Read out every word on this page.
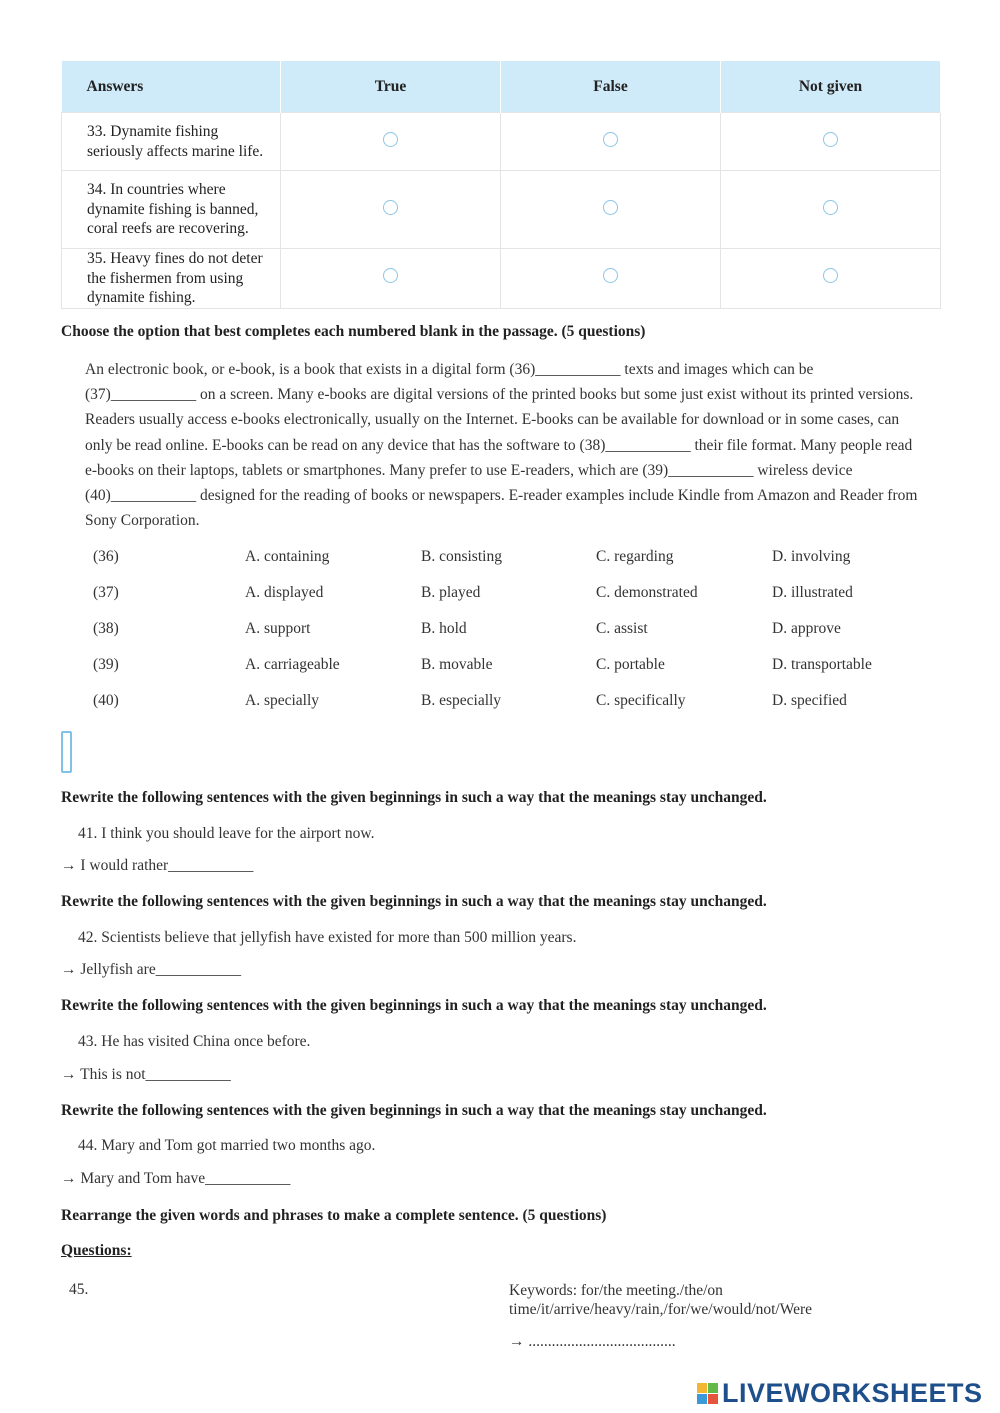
Answers	True	False	Not given
33. Dynamite fishing seriously affects marine life.			
34. In countries where dynamite fishing is banned, coral reefs are recovering.			
35. Heavy fines do not deter the fishermen from using dynamite fishing.			
Choose the option that best completes each numbered blank in the passage. (5 questions)
An electronic book, or e-book, is a book that exists in a digital form (36)___________ texts and images which can be (37)___________ on a screen. Many e-books are digital versions of the printed books but some just exist without its printed versions. Readers usually access e-books electronically, usually on the Internet. E-books can be available for download or in some cases, can only be read online. E-books can be read on any device that has the software to (38)___________ their file format. Many people read e-books on their laptops, tablets or smartphones. Many prefer to use E-readers, which are (39)___________ wireless device (40)___________ designed for the reading of books or newspapers. E-reader examples include Kindle from Amazon and Reader from Sony Corporation.
(36)	A. containing	B. consisting	C. regarding	D. involving
(37)	A. displayed	B. played	C. demonstrated	D. illustrated
(38)	A. support	B. hold	C. assist	D. approve
(39)	A. carriageable	B. movable	C. portable	D. transportable
(40)	A. specially	B. especially	C. specifically	D. specified
Rewrite the following sentences with the given beginnings in such a way that the meanings stay unchanged.
41. I think you should leave for the airport now.
→ I would rather___________
Rewrite the following sentences with the given beginnings in such a way that the meanings stay unchanged.
42. Scientists believe that jellyfish have existed for more than 500 million years.
→ Jellyfish are___________
Rewrite the following sentences with the given beginnings in such a way that the meanings stay unchanged.
43. He has visited China once before.
→ This is not___________
Rewrite the following sentences with the given beginnings in such a way that the meanings stay unchanged.
44. Mary and Tom got married two months ago.
→ Mary and Tom have___________
Rearrange the given words and phrases to make a complete sentence. (5 questions)
Questions:
45.	Keywords: for/the meeting./the/on time/it/arrive/heavy/rain,/for/we/would/not/Were
→ ......................................
LIVEWORKSHEETS
